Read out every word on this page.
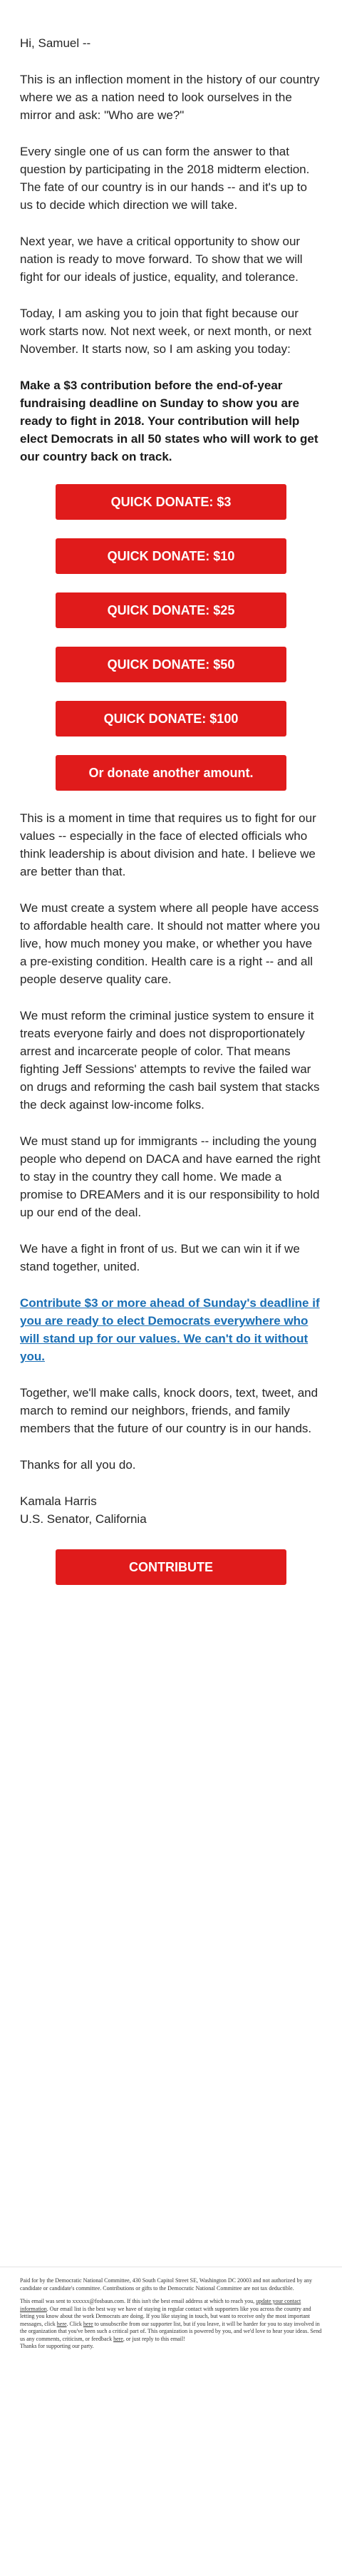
Hi, Samuel --

This is an inflection moment in the history of our country where we as a nation need to look ourselves in the mirror and ask: "Who are we?"

Every single one of us can form the answer to that question by participating in the 2018 midterm election. The fate of our country is in our hands -- and it's up to us to decide which direction we will take.

Next year, we have a critical opportunity to show our nation is ready to move forward. To show that we will fight for our ideals of justice, equality, and tolerance.

Today, I am asking you to join that fight because our work starts now. Not next week, or next month, or next November. It starts now, so I am asking you today:

Make a $3 contribution before the end-of-year fundraising deadline on Sunday to show you are ready to fight in 2018. Your contribution will help elect Democrats in all 50 states who will work to get our country back on track.

QUICK DONATE: $3
QUICK DONATE: $10
QUICK DONATE: $25
QUICK DONATE: $50
QUICK DONATE: $100
Or donate another amount.

This is a moment in time that requires us to fight for our values -- especially in the face of elected officials who think leadership is about division and hate. I believe we are better than that.

We must create a system where all people have access to affordable health care. It should not matter where you live, how much money you make, or whether you have a pre-existing condition. Health care is a right -- and all people deserve quality care.

We must reform the criminal justice system to ensure it treats everyone fairly and does not disproportionately arrest and incarcerate people of color. That means fighting Jeff Sessions' attempts to revive the failed war on drugs and reforming the cash bail system that stacks the deck against low-income folks.

We must stand up for immigrants -- including the young people who depend on DACA and have earned the right to stay in the country they call home. We made a promise to DREAMers and it is our responsibility to hold up our end of the deal.

We have a fight in front of us. But we can win it if we stand together, united.

Contribute $3 or more ahead of Sunday's deadline if you are ready to elect Democrats everywhere who will stand up for our values. We can't do it without you.

Together, we'll make calls, knock doors, text, tweet, and march to remind our neighbors, friends, and family members that the future of our country is in our hands.

Thanks for all you do.

Kamala Harris
U.S. Senator, California

CONTRIBUTE

Paid for by the Democratic National Committee, 430 South Capitol Street SE, Washington DC 20003 and not authorized by any candidate or candidate's committee. Contributions or gifts to the Democratic National Committee are not tax deductible.

This email was sent to xxxxxx@fosbaun.com. If this isn't the best email address at which to reach you, update your contact information. Our email list is the best way we have of staying in regular contact with supporters like you across the country and letting you know about the work Democrats are doing. If you like staying in touch, but want to receive only the most important messages, click here. Click here to unsubscribe from our supporter list, but if you leave, it will be harder for you to stay involved in the organization that you've been such a critical part of. This organization is powered by you, and we'd love to hear your ideas. Send us any comments, criticism, or feedback here, or just reply to this email!
Thanks for supporting our party.
